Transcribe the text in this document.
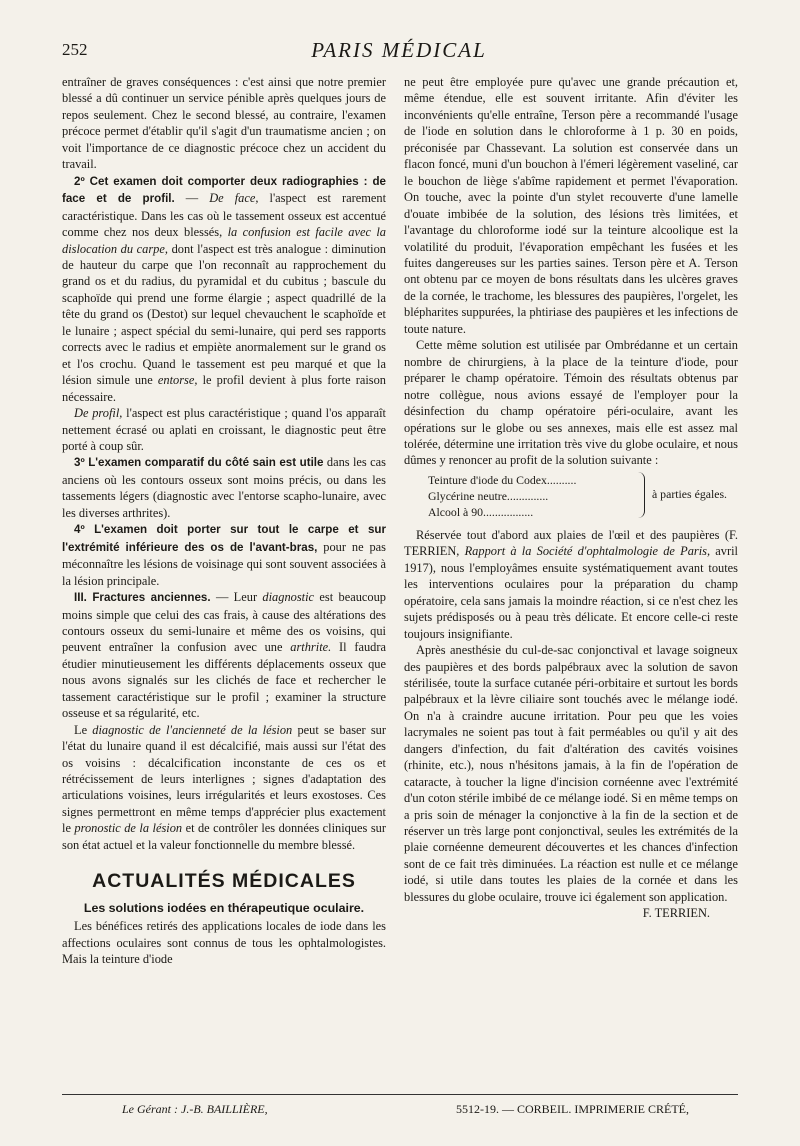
252	PARIS MÉDICAL

entraîner de graves conséquences : c'est ainsi que notre premier blessé a dû continuer un service pénible après quelques jours de repos seulement. Chez le second blessé, au contraire, l'examen précoce permet d'établir qu'il s'agit d'un traumatisme ancien ; on voit l'importance de ce diagnostic précoce chez un accident du travail.

2º Cet examen doit comporter deux radiographies : de face et de profil. — De face, l'aspect est rarement caractéristique. Dans les cas où le tassement osseux est accentué comme chez nos deux blessés, la confusion est facile avec la dislocation du carpe, dont l'aspect est très analogue : diminution de hauteur du carpe que l'on reconnaît au rapprochement du grand os et du radius, du pyramidal et du cubitus ; bascule du scaphoïde qui prend une forme élargie ; aspect quadrillé de la tête du grand os (Destot) sur lequel chevauchent le scaphoïde et le lunaire ; aspect spécial du semi-lunaire, qui perd ses rapports corrects avec le radius et empiète anormalement sur le grand os et l'os crochu. Quand le tassement est peu marqué et que la lésion simule une entorse, le profil devient à plus forte raison nécessaire.

De profil, l'aspect est plus caractéristique ; quand l'os apparaît nettement écrasé ou aplati en croissant, le diagnostic peut être porté à coup sûr.

3º L'examen comparatif du côté sain est utile dans les cas anciens où les contours osseux sont moins précis, ou dans les tassements légers (diagnostic avec l'entorse scapho-lunaire, avec les diverses arthrites).

4º L'examen doit porter sur tout le carpe et sur l'extrémité inférieure des os de l'avant-bras, pour ne pas méconnaître les lésions de voisinage qui sont souvent associées à la lésion principale.

III. Fractures anciennes. — Leur diagnostic est beaucoup moins simple que celui des cas frais, à cause des altérations des contours osseux du semi-lunaire et même des os voisins, qui peuvent entraîner la confusion avec une arthrite. Il faudra étudier minutieusement les différents déplacements osseux que nous avons signalés sur les clichés de face et rechercher le tassement caractéristique sur le profil ; examiner la structure osseuse et sa régularité, etc.

Le diagnostic de l'ancienneté de la lésion peut se baser sur l'état du lunaire quand il est décalcifié, mais aussi sur l'état des os voisins : décalcification inconstante de ces os et rétrécissement de leurs interlignes ; signes d'adaptation des articulations voisines, leurs irrégularités et leurs exostoses. Ces signes permettront en même temps d'apprécier plus exactement le pronostic de la lésion et de contrôler les données cliniques sur son état actuel et la valeur fonctionnelle du membre blessé.

ACTUALITÉS MÉDICALES
Les solutions iodées en thérapeutique oculaire.

Les bénéfices retirés des applications locales de iode dans les affections oculaires sont connus de tous les ophtalmologistes. Mais la teinture d'iode

ne peut être employée pure qu'avec une grande précaution et, même étendue, elle est souvent irritante. Afin d'éviter les inconvénients qu'elle entraîne, Terson père a recommandé l'usage de l'iode en solution dans le chloroforme à 1 p. 30 en poids, préconisée par Chassevant. La solution est conservée dans un flacon foncé, muni d'un bouchon à l'émeri légèrement vaseliné, car le bouchon de liège s'abîme rapidement et permet l'évaporation. On touche, avec la pointe d'un stylet recouverte d'une lamelle d'ouate imbibée de la solution, des lésions très limitées, et l'avantage du chloroforme iodé sur la teinture alcoolique est la volatilité du produit, l'évaporation empêchant les fusées et les fuites dangereuses sur les parties saines. Terson père et A. Terson ont obtenu par ce moyen de bons résultats dans les ulcères graves de la cornée, le trachome, les blessures des paupières, l'orgelet, les blépharites suppurées, la phtiriase des paupières et les infections de toute nature.

Cette même solution est utilisée par Ombrédanne et un certain nombre de chirurgiens, à la place de la teinture d'iode, pour préparer le champ opératoire. Témoin des résultats obtenus par notre collègue, nous avions essayé de l'employer pour la désinfection du champ opératoire péri-oculaire, avant les opérations sur le globe ou ses annexes, mais elle est assez mal tolérée, détermine une irritation très vive du globe oculaire, et nous dûmes y renoncer au profit de la solution suivante :

Teinture d'iode du Codex..........
Glycérine neutre..............
Alcool à 90.................
à parties égales.

Réservée tout d'abord aux plaies de l'œil et des paupières (F. TERRIEN, Rapport à la Société d'ophtalmologie de Paris, avril 1917), nous l'employâmes ensuite systématiquement avant toutes les interventions oculaires pour la préparation du champ opératoire, cela sans jamais la moindre réaction, si ce n'est chez les sujets prédisposés ou à peau très délicate. Et encore celle-ci reste toujours insignifiante.

Après anesthésie du cul-de-sac conjonctival et lavage soigneux des paupières et des bords palpébraux avec la solution de savon stérilisée, toute la surface cutanée péri-orbitaire et surtout les bords palpébraux et la lèvre ciliaire sont touchés avec le mélange iodé. On n'a à craindre aucune irritation. Pour peu que les voies lacrymales ne soient pas tout à fait perméables ou qu'il y ait des dangers d'infection, du fait d'altération des cavités voisines (rhinite, etc.), nous n'hésitons jamais, à la fin de l'opération de cataracte, à toucher la ligne d'incision cornéenne avec l'extrémité d'un coton stérile imbibé de ce mélange iodé. Si en même temps on a pris soin de ménager la conjonctive à la fin de la section et de réserver un très large pont conjonctival, seules les extrémités de la plaie cornéenne demeurent découvertes et les chances d'infection sont de ce fait très diminuées. La réaction est nulle et ce mélange iodé, si utile dans toutes les plaies de la cornée et dans les blessures du globe oculaire, trouve ici également son application.

F. TERRIEN.
Le Gérant : J.-B. BAILLIÈRE,	5512-19. — CORBEIL. IMPRIMERIE CRÉTÉ,
